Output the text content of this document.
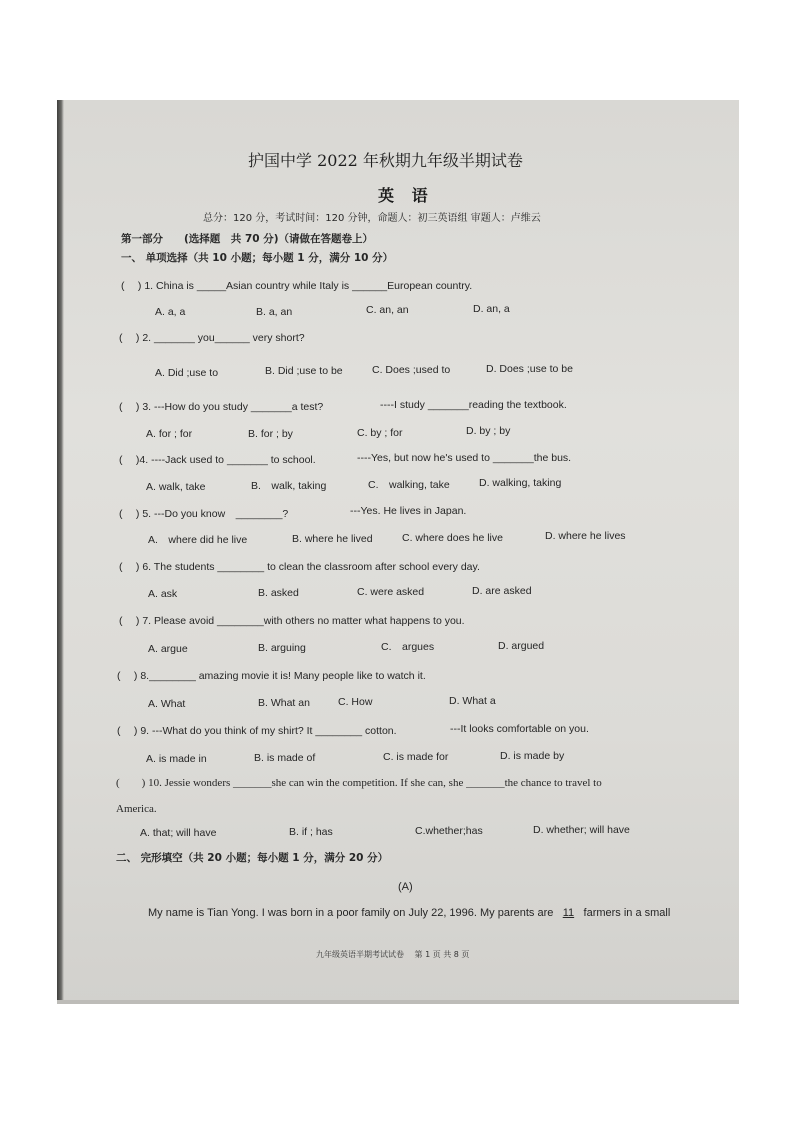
护国中学 2022 年秋期九年级半期试卷
英 语
总分：120 分，考试时间：120 分钟，命题人：初三英语组 审题人：卢维云
第一部分　　(选择题　共 70 分)（请做在答题卷上）
一、 单项选择（共 10 小题；每小题 1 分，满分 10 分）
(　 ) 1. China is _____Asian country while Italy is ______European country.
A. a, a	B. a, an	C. an, an	D. an, a
(　 ) 2. _______ you______ very short?
A. Did ;use to	B. Did ;use to be	C. Does ;used to	D. Does ;use to be
(　 ) 3. ---How do you study _______a test?	----I study _______reading the textbook.
A. for ; for	B. for ; by	C. by ; for	D. by ; by
(　 )4. ----Jack used to _______ to school.	----Yes, but now he's used to _______the bus.
A. walk, take	B.　walk, taking	C.　walking, take	D. walking, taking
(　 ) 5. ---Do you know　________?	---Yes. He lives in Japan.
A.　where did he live	B. where he lived	C. where does he live	D. where he lives
(　 ) 6. The students ________ to clean the classroom after school every day.
A. ask	B. asked	C. were asked	D. are asked
(　 ) 7. Please avoid ________with others no matter what happens to you.
A. argue	B. arguing	C.　argues	D. argued
(　 ) 8.________ amazing movie it is! Many people like to watch it.
A. What	B. What an	C. How	D. What a
(　 ) 9. ---What do you think of my shirt? It ________ cotton.	---It looks comfortable on you.
A. is made in	B. is made of	C. is made for	D. is made by
(　　) 10. Jessie wonders _______she can win the competition. If she can, she _______the chance to travel to
America.
A. that; will have	B. if ; has	C.whether;has	D. whether; will have
二、 完形填空（共 20 小题；每小题 1 分，满分 20 分）
(A)
My name is Tian Yong. I was born in a poor family on July 22, 1996. My parents are 11 farmers in a small
九年级英语半期考试试卷　 第 1 页 共 8 页
